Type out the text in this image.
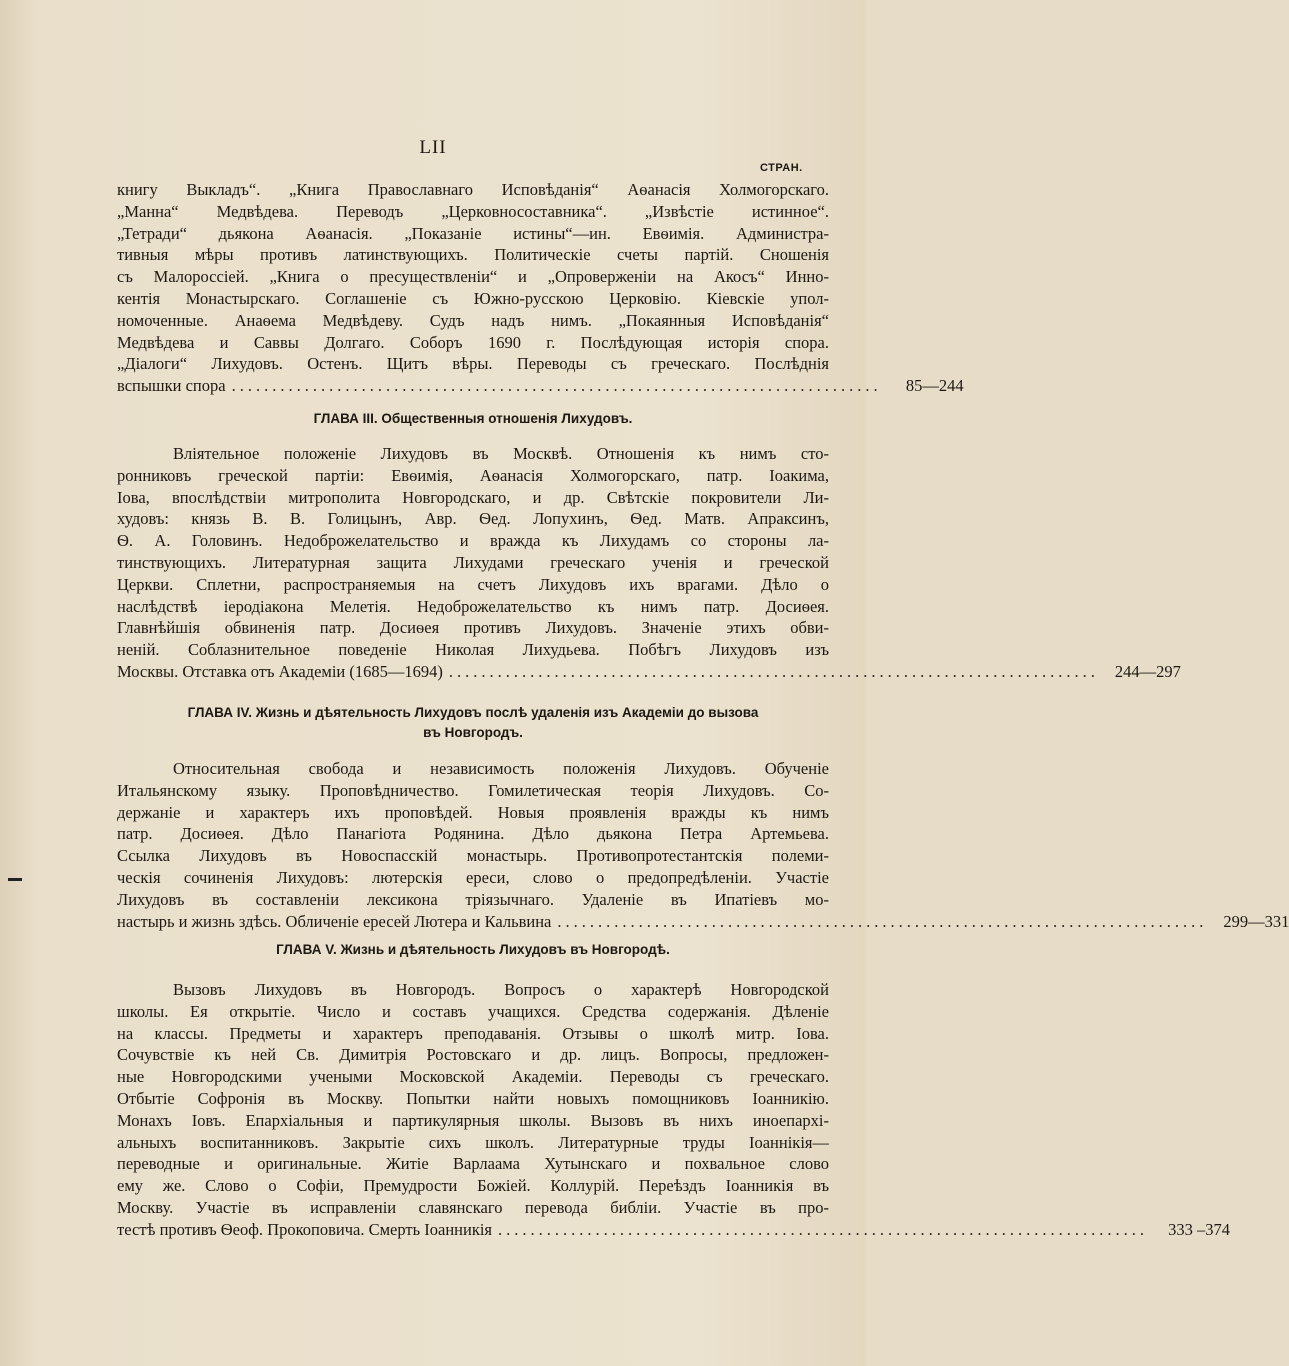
LII
СТРАН.
книгу Выкладъ“. „Книга Православнаго Исповѣданія“ Аѳанасія Холмогорскаго.
„Манна“ Медвѣдева. Переводъ „Церковносоставника“. „Извѣстіе истинное“.
„Тетради“ дьякона Аѳанасія. „Показаніе истины“—ин. Евѳимія. Администра-
тивныя мѣры противъ латинствующихъ. Политическіе счеты партій. Сношенія
съ Малороссіей. „Книга о пресуществленіи“ и „Опроверженіи на Акосъ“ Инно-
кентія Монастырскаго. Соглашеніе съ Южно-русскою Церковію. Кіевскіе упол-
номоченные. Анаѳема Медвѣдеву. Судъ надъ нимъ. „Покаянныя Исповѣданія“
Медвѣдева и Саввы Долгаго. Соборъ 1690 г. Послѣдующая исторія спора.
„Діалоги“ Лихудовъ. Остенъ. Щитъ вѣры. Переводы съ греческаго. Послѣднія
вспышки спора ................................................................................	85—244
ГЛАВА III. Общественныя отношенія Лихудовъ.
Вліятельное положеніе Лихудовъ въ Москвѣ. Отношенія къ нимъ сто-
ронниковъ греческой партіи: Евѳимія, Аѳанасія Холмогорскаго, патр. Іоакима,
Іова, впослѣдствіи митрополита Новгородскаго, и др. Свѣтскіе покровители Ли-
худовъ: князь В. В. Голицынъ, Авр. Ѳед. Лопухинъ, Ѳед. Матв. Апраксинъ,
Ѳ. А. Головинъ. Недоброжелательство и вражда къ Лихудамъ со стороны ла-
тинствующихъ. Литературная защита Лихудами греческаго ученія и греческой
Церкви. Сплетни, распространяемыя на счетъ Лихудовъ ихъ врагами. Дѣло о
наслѣдствѣ іеродіакона Мелетія. Недоброжелательство къ нимъ патр. Досиѳея.
Главнѣйшія обвиненія патр. Досиѳея противъ Лихудовъ. Значеніе этихъ обви-
неній. Соблазнительное поведеніе Николая Лихудьева. Побѣгъ Лихудовъ изъ
Москвы. Отставка отъ Академіи (1685—1694) ................................................................................ 244—297
ГЛАВА IV. Жизнь и дѣятельность Лихудовъ послѣ удаленія изъ Академіи до вызова
въ Новгородъ.
Относительная свобода и независимость положенія Лихудовъ. Обученіе
Итальянскому языку. Проповѣдничество. Гомилетическая теорія Лихудовъ. Со-
держаніе и характеръ ихъ проповѣдей. Новыя проявленія вражды къ нимъ
патр. Досиѳея. Дѣло Панагіота Родянина. Дѣло дьякона Петра Артемьева.
Ссылка Лихудовъ въ Новоспасскій монастырь. Противопротестантскія полеми-
ческія сочиненія Лихудовъ: лютерскія ереси, слово о предопредѣленіи. Участіе
Лихудовъ въ составленіи лексикона тріязычнаго. Удаленіе въ Ипатіевъ мо-
настырь и жизнь здѣсь. Обличеніе ересей Лютера и Кальвина ................................................................................ 299—331
ГЛАВА V. Жизнь и дѣятельность Лихудовъ въ Новгородѣ.
Вызовъ Лихудовъ въ Новгородъ. Вопросъ о характерѣ Новгородской
школы. Ея открытіе. Число и составъ учащихся. Средства содержанія. Дѣленіе
на классы. Предметы и характеръ преподаванія. Отзывы о школѣ митр. Іова.
Сочувствіе къ ней Св. Димитрія Ростовскаго и др. лицъ. Вопросы, предложен-
ные Новгородскими учеными Московской Академіи. Переводы съ греческаго.
Отбытіе Софронія въ Москву. Попытки найти новыхъ помощниковъ Іоанникію.
Монахъ Іовъ. Епархіальныя и партикулярныя школы. Вызовъ въ нихъ иноепархі-
альныхъ воспитанниковъ. Закрытіе сихъ школъ. Литературные труды Іоаннікія—
переводные и оригинальные. Житіе Варлаама Хутынскаго и похвальное слово
ему же. Слово о Софіи, Премудрости Божіей. Коллурій. Переѣздъ Іоанникія въ
Москву. Участіе въ исправленіи славянскаго перевода библіи. Участіе въ про-
тестѣ противъ Ѳеоф. Прокоповича. Смерть Іоанникія ................................................................................	333 –374
